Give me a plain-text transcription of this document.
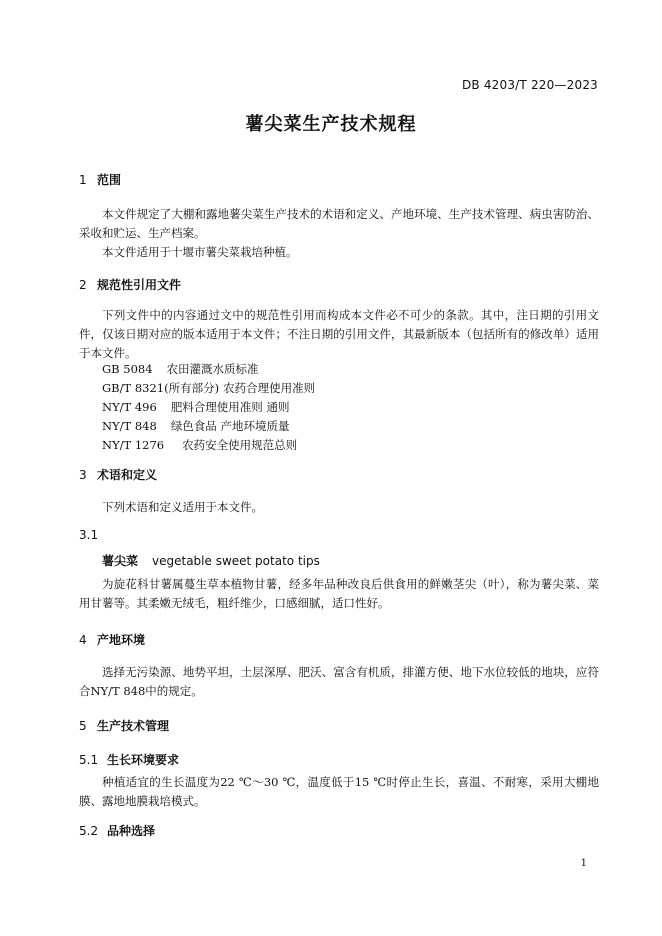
DB 4203/T 220—2023
薯尖菜生产技术规程
1 范围
本文件规定了大棚和露地薯尖菜生产技术的术语和定义、产地环境、生产技术管理、病虫害防治、采收和贮运、生产档案。
本文件适用于十堰市薯尖菜栽培种植。
2 规范性引用文件
下列文件中的内容通过文中的规范性引用而构成本文件必不可少的条款。其中，注日期的引用文件，仅该日期对应的版本适用于本文件；不注日期的引用文件，其最新版本（包括所有的修改单）适用于本文件。
GB 5084 农田灌溉水质标准
GB/T 8321(所有部分) 农药合理使用准则
NY/T 496 肥料合理使用准则 通则
NY/T 848 绿色食品 产地环境质量
NY/T 1276 农药安全使用规范总则
3 术语和定义
下列术语和定义适用于本文件。
3.1
薯尖菜 vegetable sweet potato tips
为旋花科甘薯属蔓生草本植物甘薯，经多年品种改良后供食用的鲜嫩茎尖（叶），称为薯尖菜、菜用甘薯等。其柔嫩无绒毛，粗纤维少，口感细腻，适口性好。
4 产地环境
选择无污染源、地势平坦，土层深厚、肥沃、富含有机质，排灌方便、地下水位较低的地块，应符合NY/T 848中的规定。
5 生产技术管理
5.1 生长环境要求
种植适宜的生长温度为22 ℃～30 ℃，温度低于15 ℃时停止生长，喜温、不耐寒，采用大棚地膜、露地地膜栽培模式。
5.2 品种选择
1
